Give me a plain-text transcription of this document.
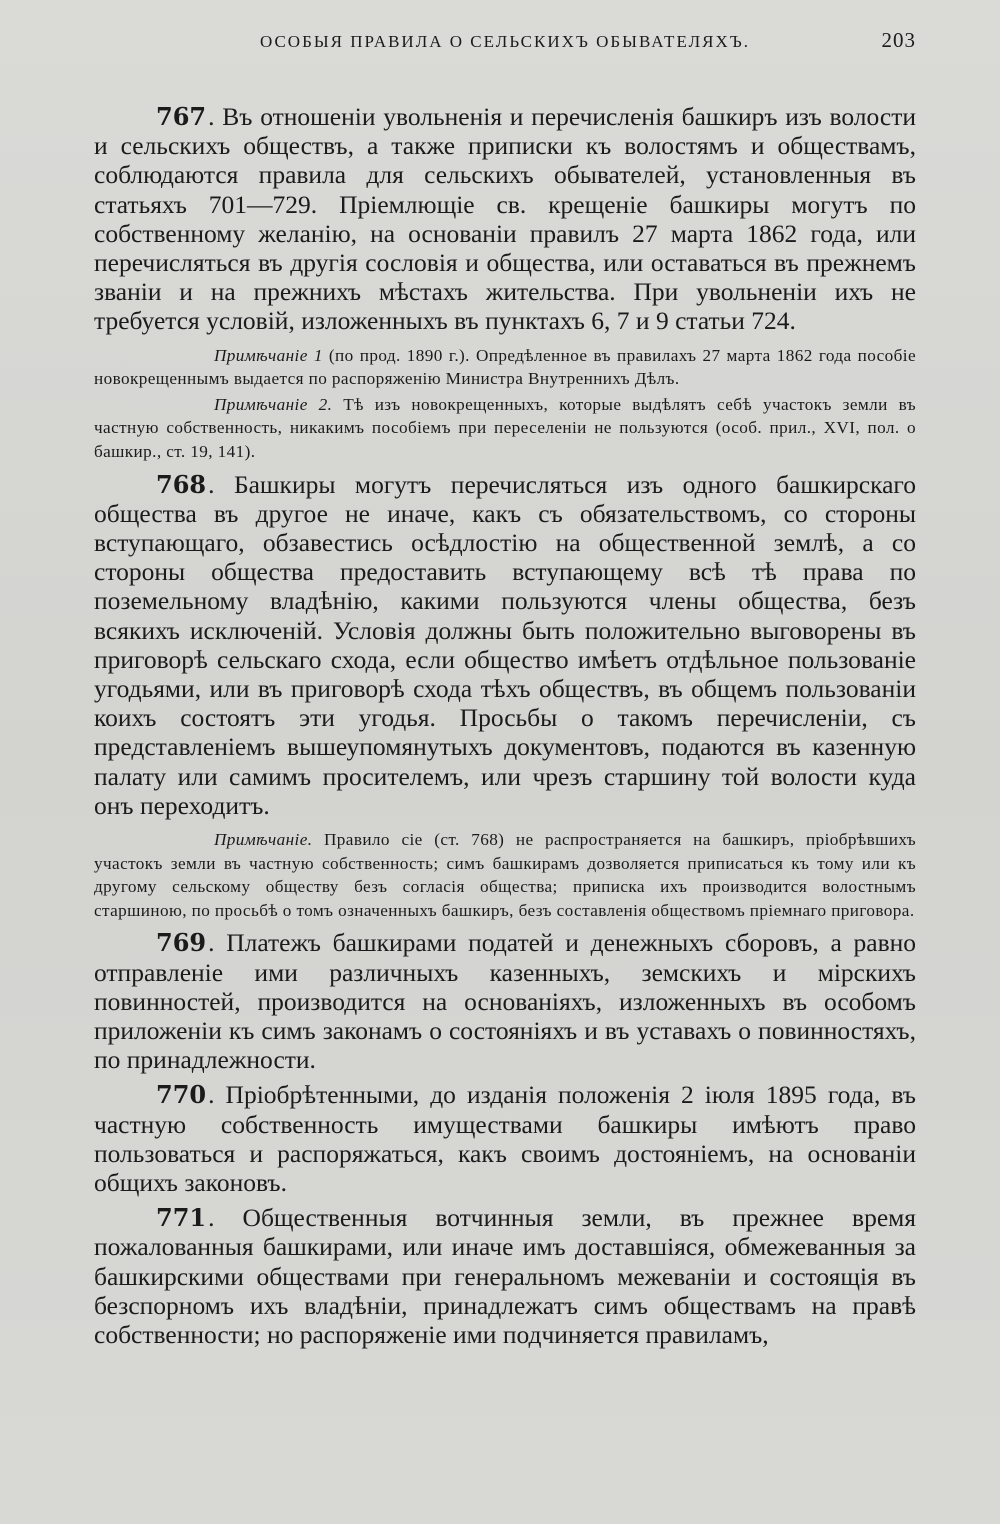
ОСОБЫЯ ПРАВИЛА О СЕЛЬСКИХЪ ОБЫВАТЕЛЯХЪ.	203

767. Въ отношеніи увольненія и перечисленія башкиръ изъ волости и сельскихъ обществъ, а также приписки къ волостямъ и обществамъ, соблюдаются правила для сельскихъ обывателей, установленныя въ статьяхъ 701—729. Пріемлющіе св. крещеніе башкиры могутъ по собственному желанію, на основаніи правилъ 27 марта 1862 года, или перечисляться въ другія сословія и общества, или оставаться въ прежнемъ званіи и на прежнихъ мѣстахъ жительства. При увольненіи ихъ не требуется условій, изложенныхъ въ пунктахъ 6, 7 и 9 статьи 724.

Примѣчаніе 1 (по прод. 1890 г.). Опредѣленное въ правилахъ 27 марта 1862 года пособіе новокрещеннымъ выдается по распоряженію Министра Внутреннихъ Дѣлъ.

Примѣчаніе 2. Тѣ изъ новокрещенныхъ, которые выдѣлятъ себѣ участокъ земли въ частную собственность, никакимъ пособіемъ при переселеніи не пользуются (особ. прил., XVI, пол. о башкир., ст. 19, 141).

768. Башкиры могутъ перечисляться изъ одного башкирскаго общества въ другое не иначе, какъ съ обязательствомъ, со стороны вступающаго, обзавестись осѣдлостію на общественной землѣ, а со стороны общества предоставить вступающему всѣ тѣ права по поземельному владѣнію, какими пользуются члены общества, безъ всякихъ исключеній. Условія должны быть положительно выговорены въ приговорѣ сельскаго схода, если общество имѣетъ отдѣльное пользованіе угодьями, или въ приговорѣ схода тѣхъ обществъ, въ общемъ пользованіи коихъ состоятъ эти угодья. Просьбы о такомъ перечисленіи, съ представленіемъ вышеупомянутыхъ документовъ, подаются въ казенную палату или самимъ просителемъ, или чрезъ старшину той волости куда онъ переходитъ.

Примѣчаніе. Правило сіе (ст. 768) не распространяется на башкиръ, пріобрѣвшихъ участокъ земли въ частную собственность; симъ башкирамъ дозволяется приписаться къ тому или къ другому сельскому обществу безъ согласія общества; приписка ихъ производится волостнымъ старшиною, по просьбѣ о томъ означенныхъ башкиръ, безъ составленія обществомъ пріемнаго приговора.

769. Платежъ башкирами податей и денежныхъ сборовъ, а равно отправленіе ими различныхъ казенныхъ, земскихъ и мірскихъ повинностей, производится на основаніяхъ, изложенныхъ въ особомъ приложеніи къ симъ законамъ о состояніяхъ и въ уставахъ о повинностяхъ, по принадлежности.

770. Пріобрѣтенными, до изданія положенія 2 іюля 1895 года, въ частную собственность имуществами башкиры имѣютъ право пользоваться и распоряжаться, какъ своимъ достояніемъ, на основаніи общихъ законовъ.

771. Общественныя вотчинныя земли, въ прежнее время пожалованныя башкирами, или иначе имъ доставшіяся, обмежеванныя за башкирскими обществами при генеральномъ межеваніи и состоящія въ безспорномъ ихъ владѣніи, принадлежатъ симъ обществамъ на правѣ собственности; но распоряженіе ими подчиняется правиламъ,
